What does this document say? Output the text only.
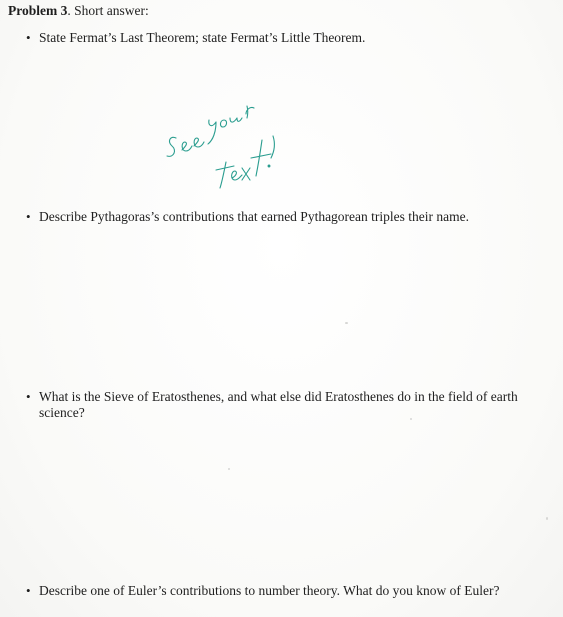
Problem 3. Short answer:
• State Fermat’s Last Theorem; state Fermat’s Little Theorem.
• Describe Pythagoras’s contributions that earned Pythagorean triples their name.
• What is the Sieve of Eratosthenes, and what else did Eratosthenes do in the field of earth science?
• Describe one of Euler’s contributions to number theory. What do you know of Euler?
